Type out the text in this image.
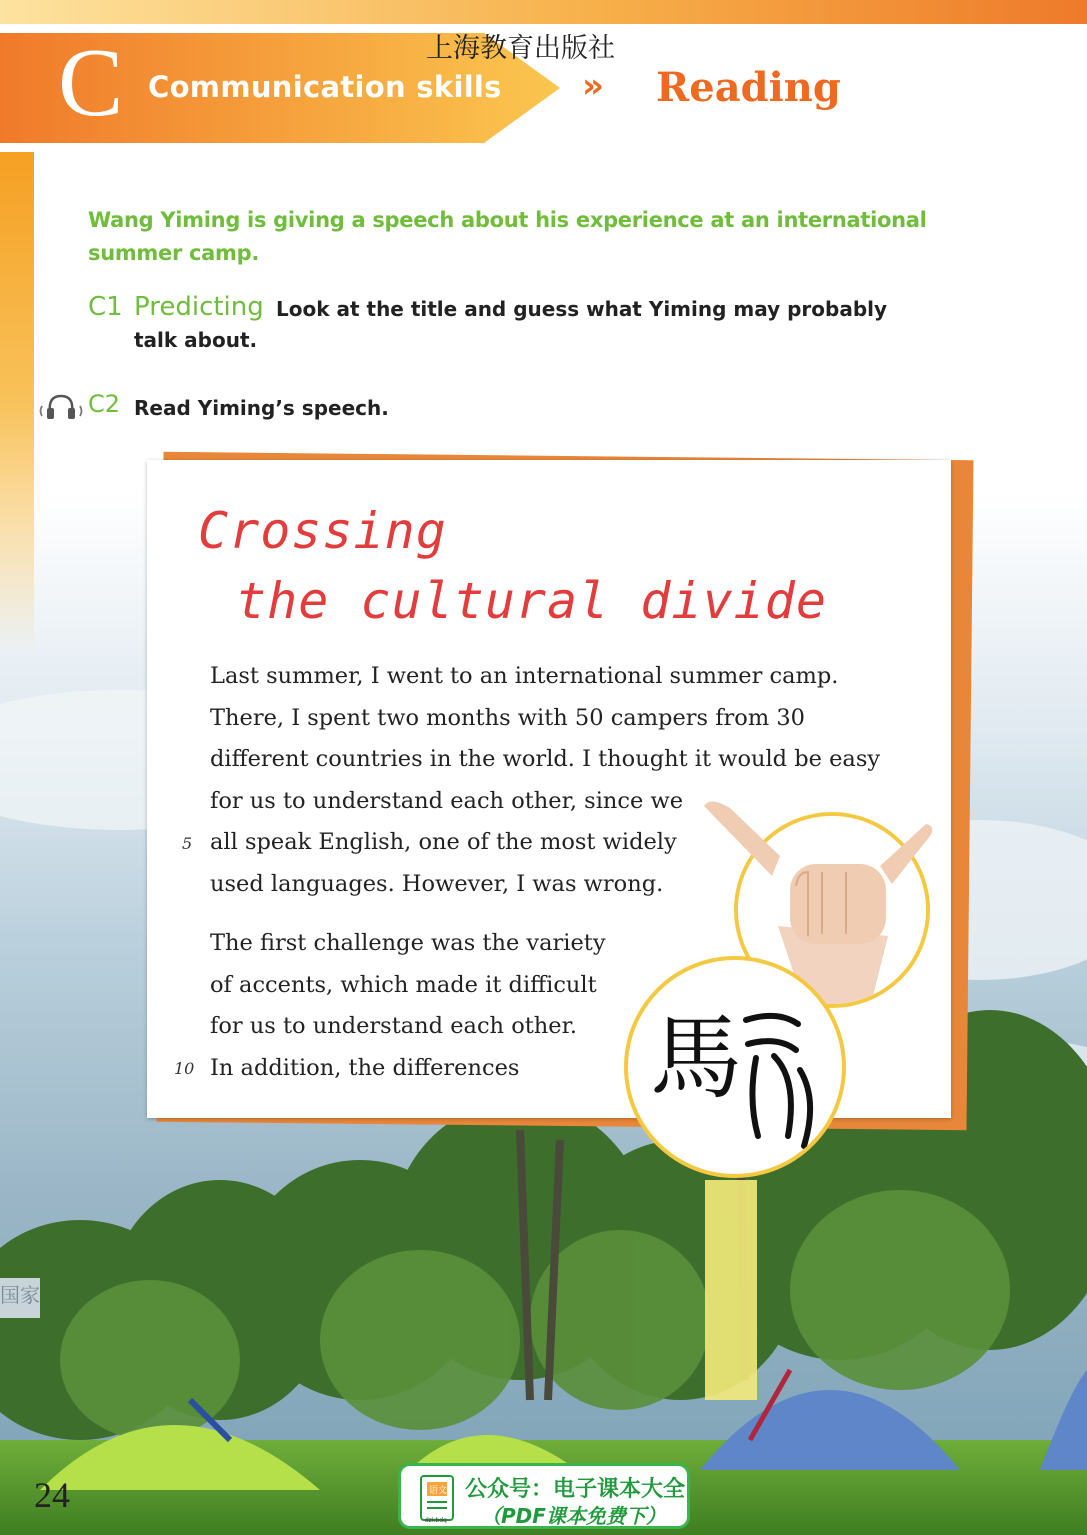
国家
上海教育出版社
C Communication skills » Reading
Wang Yiming is giving a speech about his experience at an international summer camp.
C1 Predicting Look at the title and guess what Yiming may probably talk about.
C2 Read Yiming’s speech.
Crossing
the cultural divide
Last summer, I went to an international summer camp.
There, I spent two months with 50 campers from 30
different countries in the world. I thought it would be easy
for us to understand each other, since we
all speak English, one of the most widely
used languages. However, I was wrong.
5
The first challenge was the variety
of accents, which made it difficult
for us to understand each other.
In addition, the differences
10	馬
24	语文
dzkbdq
公众号：电子课本大全
（PDF课本免费下）
